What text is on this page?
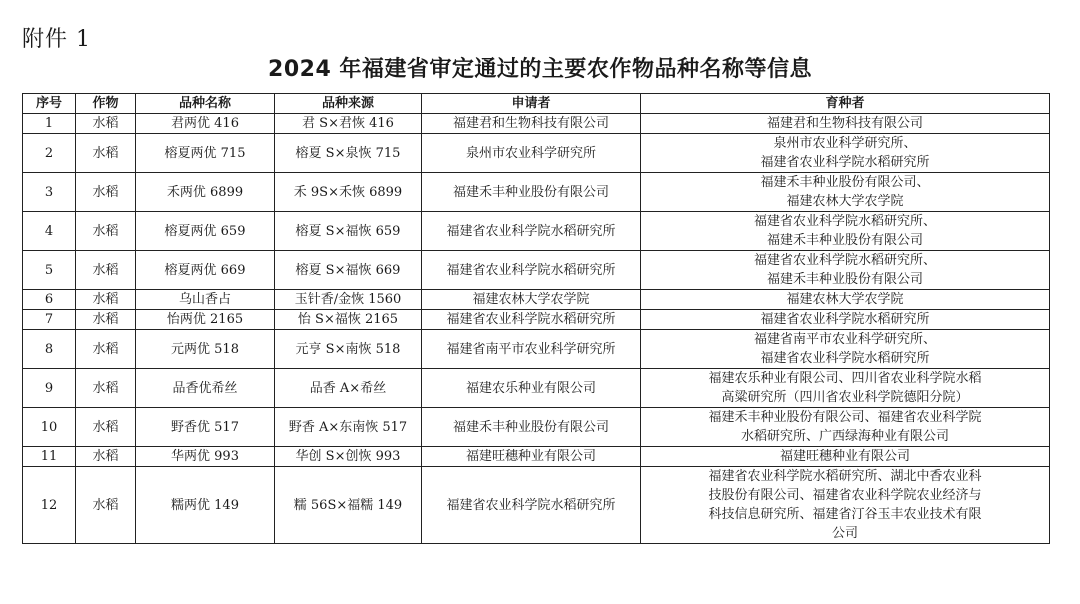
附件 1
2024 年福建省审定通过的主要农作物品种名称等信息
序号	作物	品种名称	品种来源	申请者	育种者
1	水稻	君两优 416	君 S×君恢 416	福建君和生物科技有限公司	福建君和生物科技有限公司

2	水稻	榕夏两优 715	榕夏 S×泉恢 715	泉州市农业科学研究所	泉州市农业科学研究所、
福建省农业科学院水稻研究所

3	水稻	禾两优 6899	禾 9S×禾恢 6899	福建禾丰种业股份有限公司	福建禾丰种业股份有限公司、
福建农林大学农学院

4	水稻	榕夏两优 659	榕夏 S×福恢 659	福建省农业科学院水稻研究所	福建省农业科学院水稻研究所、
福建禾丰种业股份有限公司

5	水稻	榕夏两优 669	榕夏 S×福恢 669	福建省农业科学院水稻研究所	福建省农业科学院水稻研究所、
福建禾丰种业股份有限公司

6	水稻	乌山香占	玉针香/金恢 1560	福建农林大学农学院	福建农林大学农学院

7	水稻	怡两优 2165	怡 S×福恢 2165	福建省农业科学院水稻研究所	福建省农业科学院水稻研究所

8	水稻	元两优 518	元亨 S×南恢 518	福建省南平市农业科学研究所	福建省南平市农业科学研究所、
福建省农业科学院水稻研究所

9	水稻	品香优希丝	品香 A×希丝	福建农乐种业有限公司	福建农乐种业有限公司、四川省农业科学院水稻
高粱研究所（四川省农业科学院德阳分院）

10	水稻	野香优 517	野香 A×东南恢 517	福建禾丰种业股份有限公司	福建禾丰种业股份有限公司、福建省农业科学院
水稻研究所、广西绿海种业有限公司

11	水稻	华两优 993	华创 S×创恢 993	福建旺穗种业有限公司	福建旺穗种业有限公司

12	水稻	糯两优 149	糯 56S×福糯 149	福建省农业科学院水稻研究所	福建省农业科学院水稻研究所、湖北中香农业科
技股份有限公司、福建省农业科学院农业经济与
科技信息研究所、福建省汀谷玉丰农业技术有限
公司
